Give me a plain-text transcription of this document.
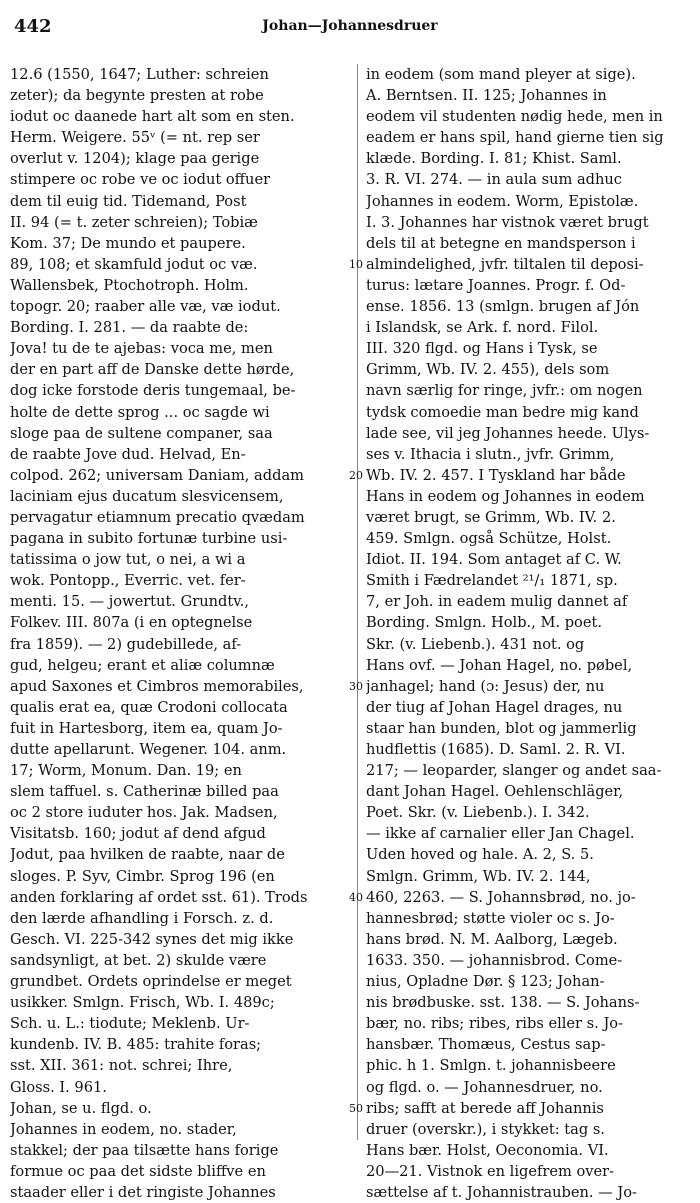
442	Johan—Johannesdruer
12.6 (1550, 1647; Luther: schreien
zeter); da begynte presten at robe
iodut oc daanede hart alt som en sten.
Herm. Weigere. 55ᵛ (= nt. rep ser
overlut v. 1204); klage paa gerige
stimpere oc robe ve oc iodut offuer
dem til euig tid. Tidemand, Post
II. 94 (= t. zeter schreien); Tobiæ
Kom. 37; De mundo et paupere.
89, 108; et skamfuld jodut oc væ.
Wallensbek, Ptochotroph. Holm.
topogr. 20; raaber alle væ, væ iodut.
Bording. I. 281. — da raabte de:
Jova! tu de te ajebas: voca me, men
der en part aff de Danske dette hørde,
dog icke forstode deris tungemaal, be-
holte de dette sprog ... oc sagde wi
sloge paa de sultene companer, saa
de raabte Jove dud. Helvad, En-
colpod. 262; universam Daniam, addam
laciniam ejus ducatum slesvicensem,
pervagatur etiamnum precatio qvædam
pagana in subito fortunæ turbine usi-
tatissima o jow tut, o nei, a wi a
wok. Pontopp., Everric. vet. fer-
menti. 15. — jowertut. Grundtv.,
Folkev. III. 807a (i en optegnelse
fra 1859). — 2) gudebillede, af-
gud, helgeu; erant et aliæ columnæ
apud Saxones et Cimbros memorabiles,
qualis erat ea, quæ Crodoni collocata
fuit in Hartesborg, item ea, quam Jo-
dutte apellarunt. Wegener. 104. anm.
17; Worm, Monum. Dan. 19; en
slem taffuel. s. Catherinæ billed paa
oc 2 store iuduter hos. Jak. Madsen,
Visitatsb. 160; jodut af dend afgud
Jodut, paa hvilken de raabte, naar de
sloges. P. Syv, Cimbr. Sprog 196 (en
anden forklaring af ordet sst. 61). Trods
den lærde afhandling i Forsch. z. d.
Gesch. VI. 225-342 synes det mig ikke
sandsynligt, at bet. 2) skulde være
grundbet. Ordets oprindelse er meget
usikker. Smlgn. Frisch, Wb. I. 489c;
Sch. u. L.: tiodute; Meklenb. Ur-
kundenb. IV. B. 485: trahite foras;
sst. XII. 361: not. schrei; Ihre,
Gloss. I. 961.
Johan, se u. flgd. o.
Johannes in eodem, no. stader,
stakkel; der paa tilsætte hans forige
formue oc paa det sidste bliffve en
staader eller i det ringiste Johannes
10
20
30
40
50
in eodem (som mand pleyer at sige).
A. Berntsen. II. 125; Johannes in
eodem vil studenten nødig hede, men in
eadem er hans spil, hand gierne tien sig
klæde. Bording. I. 81; Khist. Saml.
3. R. VI. 274. — in aula sum adhuc
Johannes in eodem. Worm, Epistolæ.
I. 3. Johannes har vistnok været brugt
dels til at betegne en mandsperson i
almindelighed, jvfr. tiltalen til deposi-
turus: lætare Joannes. Progr. f. Od-
ense. 1856. 13 (smlgn. brugen af Jón
i Islandsk, se Ark. f. nord. Filol.
III. 320 flgd. og Hans i Tysk, se
Grimm, Wb. IV. 2. 455), dels som
navn særlig for ringe, jvfr.: om nogen
tydsk comoedie man bedre mig kand
lade see, vil jeg Johannes heede. Ulys-
ses v. Ithacia i slutn., jvfr. Grimm,
Wb. IV. 2. 457. I Tyskland har både
Hans in eodem og Johannes in eodem
været brugt, se Grimm, Wb. IV. 2.
459. Smlgn. også Schütze, Holst.
Idiot. II. 194. Som antaget af C. W.
Smith i Fædrelandet ²¹/₁ 1871, sp.
7, er Joh. in eadem mulig dannet af
Bording. Smlgn. Holb., M. poet.
Skr. (v. Liebenb.). 431 not. og
Hans ovf. — Johan Hagel, no. pøbel,
janhagel; hand (ɔ: Jesus) der, nu
der tiug af Johan Hagel drages, nu
staar han bunden, blot og jammerlig
hudflettis (1685). D. Saml. 2. R. VI.
217; — leoparder, slanger og andet saa-
dant Johan Hagel. Oehlenschläger,
Poet. Skr. (v. Liebenb.). I. 342.
— ikke af carnalier eller Jan Chagel.
Uden hoved og hale. A. 2, S. 5.
Smlgn. Grimm, Wb. IV. 2. 144,
460, 2263. — S. Johannsbrød, no. jo-
hannesbrød; støtte violer oc s. Jo-
hans brød. N. M. Aalborg, Lægeb.
1633. 350. — johannisbrod. Come-
nius, Opladne Dør. § 123; Johan-
nis brødbuske. sst. 138. — S. Johans-
bær, no. ribs; ribes, ribs eller s. Jo-
hansbær. Thomæus, Cestus sap-
phic. h 1. Smlgn. t. johannisbeere
og flgd. o. — Johannesdruer, no.
ribs; safft at berede aff Johannis
druer (overskr.), i stykket: tag s.
Hans bær. Holst, Oeconomia. VI.
20—21. Vistnok en ligefrem over-
sættelse af t. Johannistrauben. — Jo-
